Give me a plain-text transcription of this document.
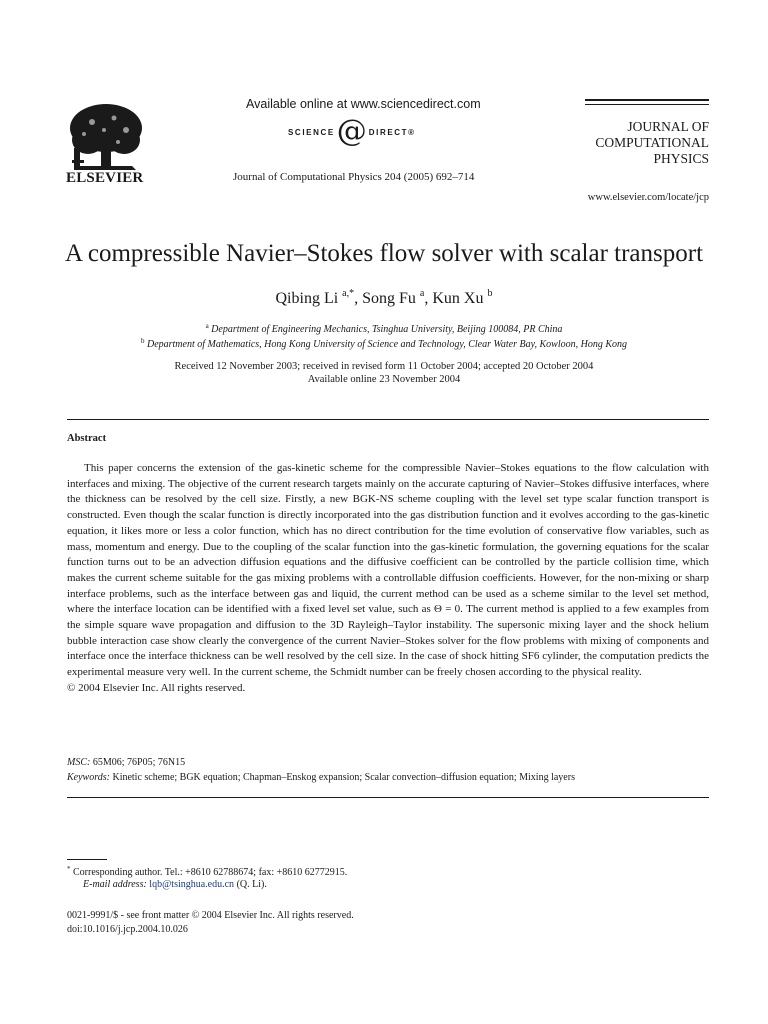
ELSEVIER
Available online at www.sciencedirect.com
SCIENCE @ DIRECT ®
Journal of Computational Physics 204 (2005) 692–714
JOURNAL OF
COMPUTATIONAL
PHYSICS
www.elsevier.com/locate/jcp
A compressible Navier–Stokes flow solver with scalar transport
Qibing Li $^{a,*}$, Song Fu $^a$, Kun Xu $^b$
$^a$ Department of Engineering Mechanics, Tsinghua University, Beijing 100084, PR China
$^b$ Department of Mathematics, Hong Kong University of Science and Technology, Clear Water Bay, Kowloon, Hong Kong
Received 12 November 2003; received in revised form 11 October 2004; accepted 20 October 2004
Available online 23 November 2004
Abstract

This paper concerns the extension of the gas-kinetic scheme for the compressible Navier–Stokes equations to the flow calculation with interfaces and mixing. The objective of the current research targets mainly on the accurate capturing of Navier–Stokes diffusive interfaces, where the thickness can be resolved by the cell size. Firstly, a new BGK-NS scheme coupling with the level set type scalar function transport is constructed. Even though the scalar function is directly incorporated into the gas distribution function and it evolves according to the gas-kinetic equation, it likes more or less a color function, which has no direct contribution for the time evolution of conservative flow variables, such as mass, momentum and energy. Due to the coupling of the scalar function into the gas-kinetic formulation, the governing equations for the scalar function turns out to be an advection diffusion equations and the diffusive coefficient can be controlled by the particle collision time, which makes the current scheme suitable for the gas mixing problems with a controllable diffusion coefficients. However, for the non-mixing or sharp interface problems, such as the interface between gas and liquid, the current method can be used as a scheme similar to the level set method, where the interface location can be identified with a fixed level set value, such as Θ = 0. The current method is applied to a few examples from the simple square wave propagation and diffusion to the 3D Rayleigh–Taylor instability. The supersonic mixing layer and the shock helium bubble interaction case show clearly the convergence of the current Navier–Stokes solver for the flow problems with mixing of components and interface once the interface thickness can be well resolved by the cell size. In the case of shock hitting SF6 cylinder, the computation predicts the experimental measure very well. In the current scheme, the Schmidt number can be freely chosen according to the physical reality.

© 2004 Elsevier Inc. All rights reserved.
MSC: 65M06; 76P05; 76N15
Keywords: Kinetic scheme; BGK equation; Chapman–Enskog expansion; Scalar convection–diffusion equation; Mixing layers
* Corresponding author. Tel.: +8610 62788674; fax: +8610 62772915.
E-mail address: lqb@tsinghua.edu.cn (Q. Li).
0021-9991/$ - see front matter © 2004 Elsevier Inc. All rights reserved.
doi:10.1016/j.jcp.2004.10.026
